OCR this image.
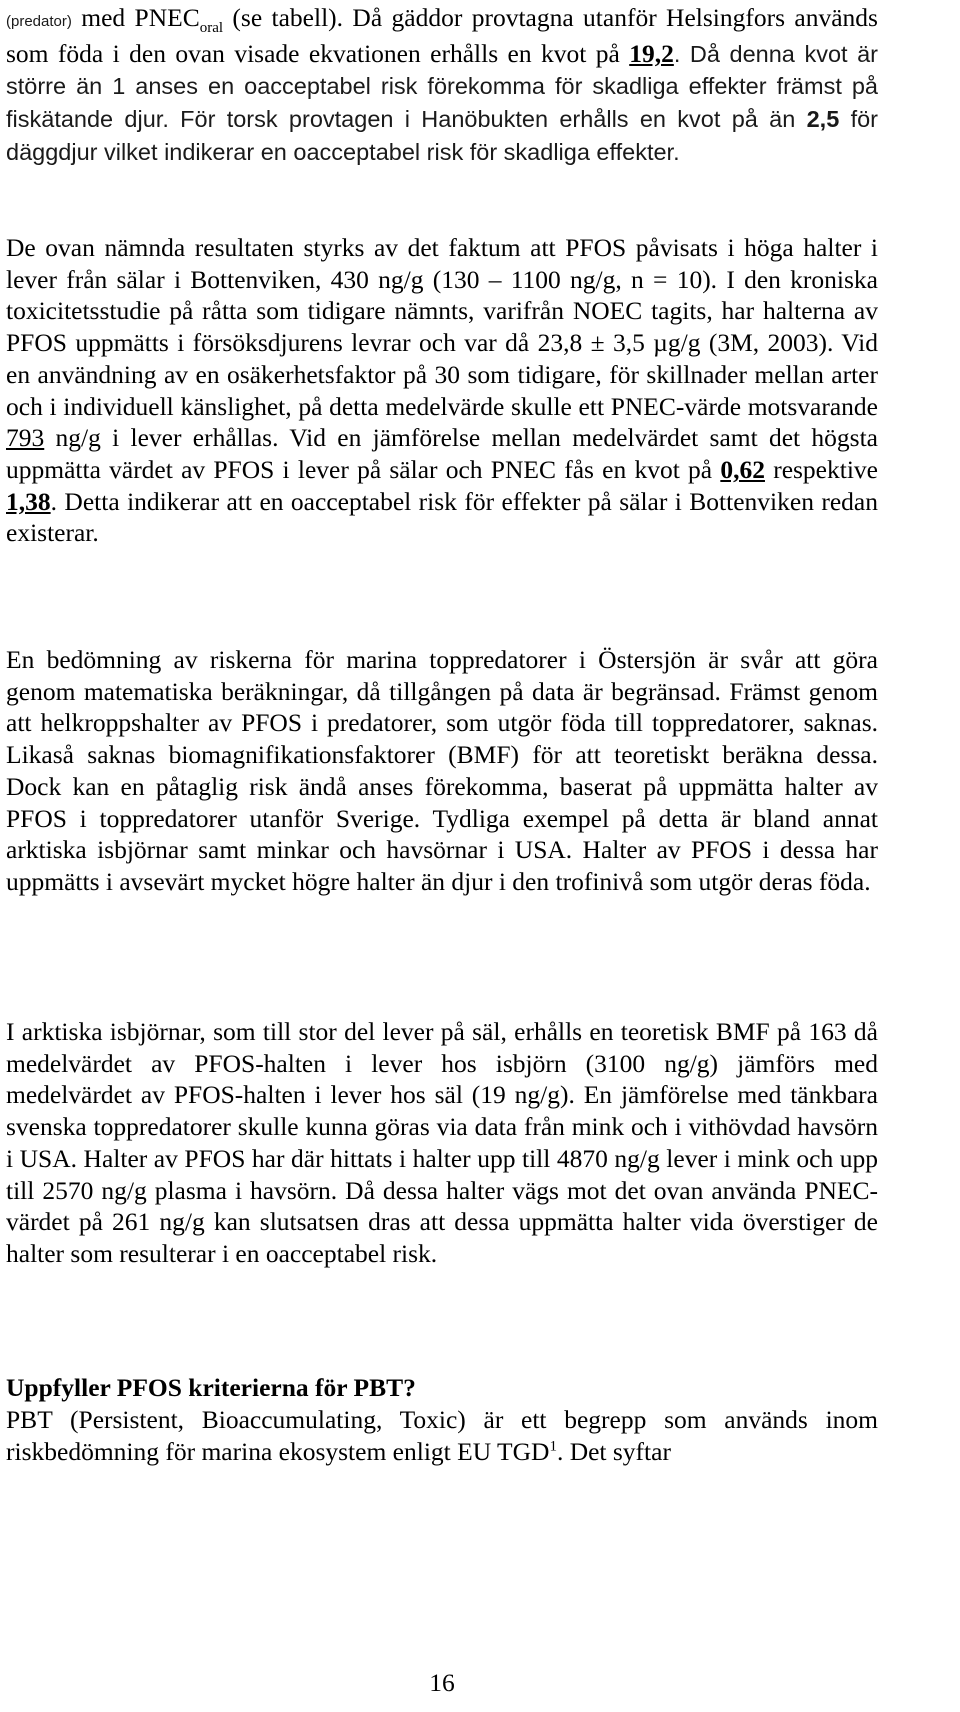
(predator) med $PNEC_{oral}$ (se tabell). Då gäddor provtagna utanför Helsingfors används som föda i den ovan visade ekvationen erhålls en kvot på 19,2. Då denna kvot är större än 1 anses en oacceptabel risk förekomma för skadliga effekter främst på fiskätande djur. För torsk provtagen i Hanöbukten erhålls en kvot på än 2,5 för däggdjur vilket indikerar en oacceptabel risk för skadliga effekter.

De ovan nämnda resultaten styrks av det faktum att PFOS påvisats i höga halter i lever från sälar i Bottenviken, 430 ng/g (130 – 1100 ng/g, n = 10). I den kroniska toxicitetsstudie på råtta som tidigare nämnts, varifrån NOEC tagits, har halterna av PFOS uppmätts i försöksdjurens levrar och var då 23,8 ± 3,5 µg/g (3M, 2003). Vid en användning av en osäkerhetsfaktor på 30 som tidigare, för skillnader mellan arter och i individuell känslighet, på detta medelvärde skulle ett PNEC-värde motsvarande 793 ng/g i lever erhållas. Vid en jämförelse mellan medelvärdet samt det högsta uppmätta värdet av PFOS i lever på sälar och PNEC fås en kvot på 0,62 respektive 1,38. Detta indikerar att en oacceptabel risk för effekter på sälar i Bottenviken redan existerar.

En bedömning av riskerna för marina toppredatorer i Östersjön är svår att göra genom matematiska beräkningar, då tillgången på data är begränsad. Främst genom att helkroppshalter av PFOS i predatorer, som utgör föda till toppredatorer, saknas. Likaså saknas biomagnifikationsfaktorer (BMF) för att teoretiskt beräkna dessa. Dock kan en påtaglig risk ändå anses förekomma, baserat på uppmätta halter av PFOS i toppredatorer utanför Sverige. Tydliga exempel på detta är bland annat arktiska isbjörnar samt minkar och havsörnar i USA. Halter av PFOS i dessa har uppmätts i avsevärt mycket högre halter än djur i den trofinivå som utgör deras föda.

I arktiska isbjörnar, som till stor del lever på säl, erhålls en teoretisk BMF på 163 då medelvärdet av PFOS-halten i lever hos isbjörn (3100 ng/g) jämförs med medelvärdet av PFOS-halten i lever hos säl (19 ng/g). En jämförelse med tänkbara svenska toppredatorer skulle kunna göras via data från mink och i vithövdad havsörn i USA. Halter av PFOS har där hittats i halter upp till 4870 ng/g lever i mink och upp till 2570 ng/g plasma i havsörn. Då dessa halter vägs mot det ovan använda PNEC-värdet på 261 ng/g kan slutsatsen dras att dessa uppmätta halter vida överstiger de halter som resulterar i en oacceptabel risk.

Uppfyller PFOS kriterierna för PBT?

PBT (Persistent, Bioaccumulating, Toxic) är ett begrepp som används inom riskbedömning för marina ekosystem enligt EU TGD$^1$. Det syftar

16
